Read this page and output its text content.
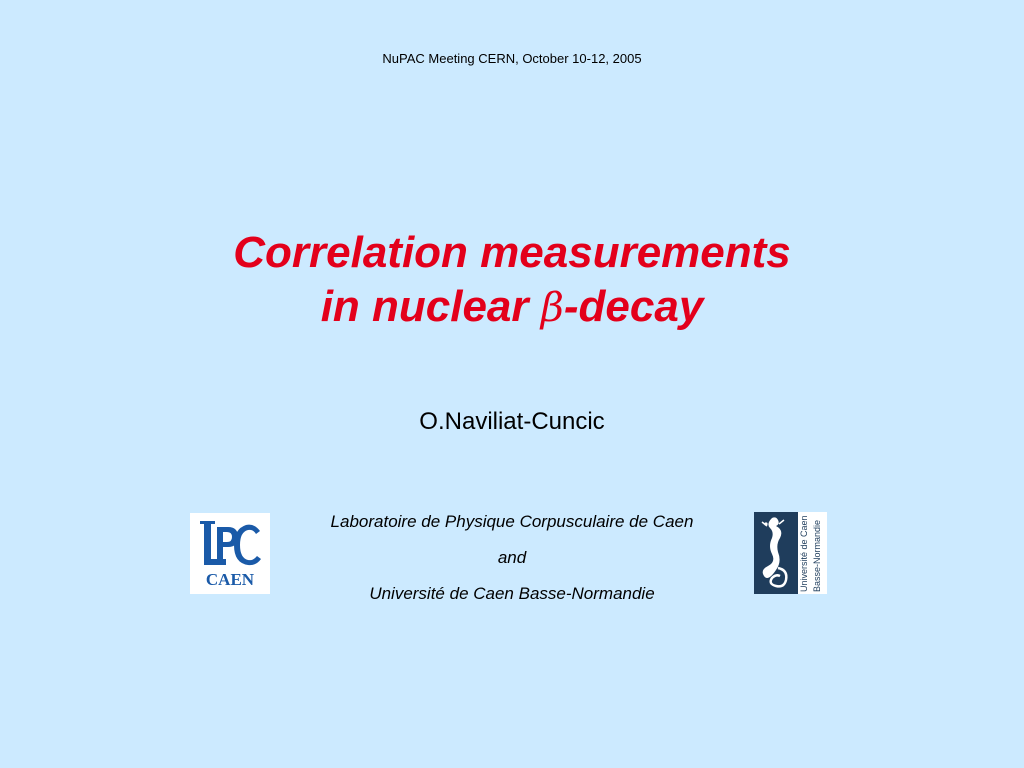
NuPAC Meeting CERN, October 10-12, 2005
Correlation measurements
in nuclear β-decay
O.Naviliat-Cuncic
Laboratoire de Physique Corpusculaire de Caen
and
Université de Caen Basse-Normandie
CAEN	Université de Caen Basse-Normandie
